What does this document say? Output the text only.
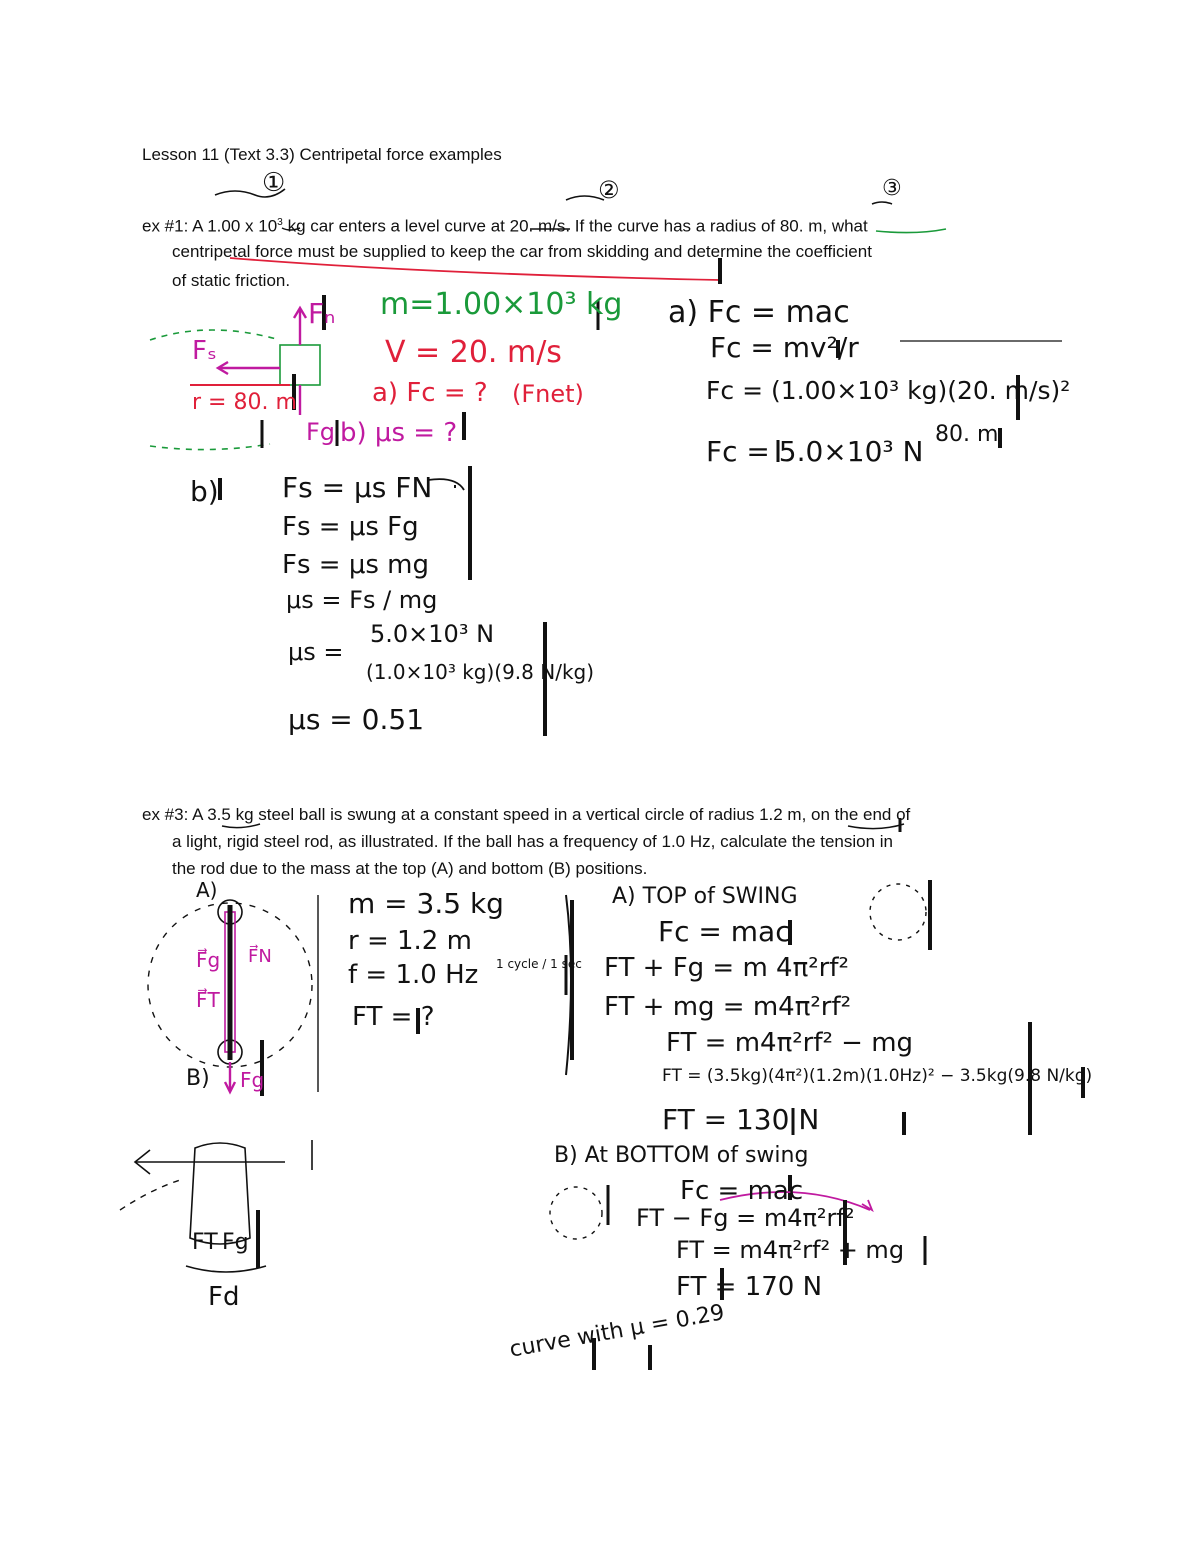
Lesson 11 (Text 3.3) Centripetal force examples
ex #1: A 1.00 x $10^3$ kg car enters a level curve at 20. m/s. If the curve has a radius of 80. m, what
centripetal force must be supplied to keep the car from skidding and determine the coefficient
of static friction.
ex #3: A 3.5 kg steel ball is swung at a constant speed in a vertical circle of radius 1.2 m, on the end of
a light, rigid steel rod, as illustrated. If the ball has a frequency of 1.0 Hz, calculate the tension in
the rod due to the mass at the top (A) and bottom (B) positions.
①	②	③
m=1.00×10³ kg
V = 20. m/s
a) Fc = ? (Fnet)
b) μs = ?
r = 80. m
Fₙ
Fₛ
Fg
a) Fc = mac
Fc = mv²/r
Fc = (1.00×10³ kg)(20. m/s)²
80. m
Fc = 5.0×10³ N
b) Fs = μs FN
Fs = μs Fg
Fs = μs mg
μs = Fs / mg
5.0×10³ N
μs =
(1.0×10³ kg)(9.8 N/kg)
μs = 0.51
A)
B)
F⃗g
F⃗T
F⃗N
Fg
m = 3.5 kg
r = 1.2 m
f = 1.0 Hz 1 cycle / 1 sec
FT = ?
A) TOP of SWING
Fc = mac
FT + Fg = m 4π²rf²
FT + mg = m4π²rf²
FT = m4π²rf² − mg
FT = (3.5kg)(4π²)(1.2m)(1.0Hz)² − 3.5kg(9.8 N/kg)
FT = 130 N
B) At BOTTOM of swing
Fc = mac
FT − Fg = m4π²rf²
FT = m4π²rf² + mg
FT = 170 N
FT Fg
Fd
curve with μ = 0.29
